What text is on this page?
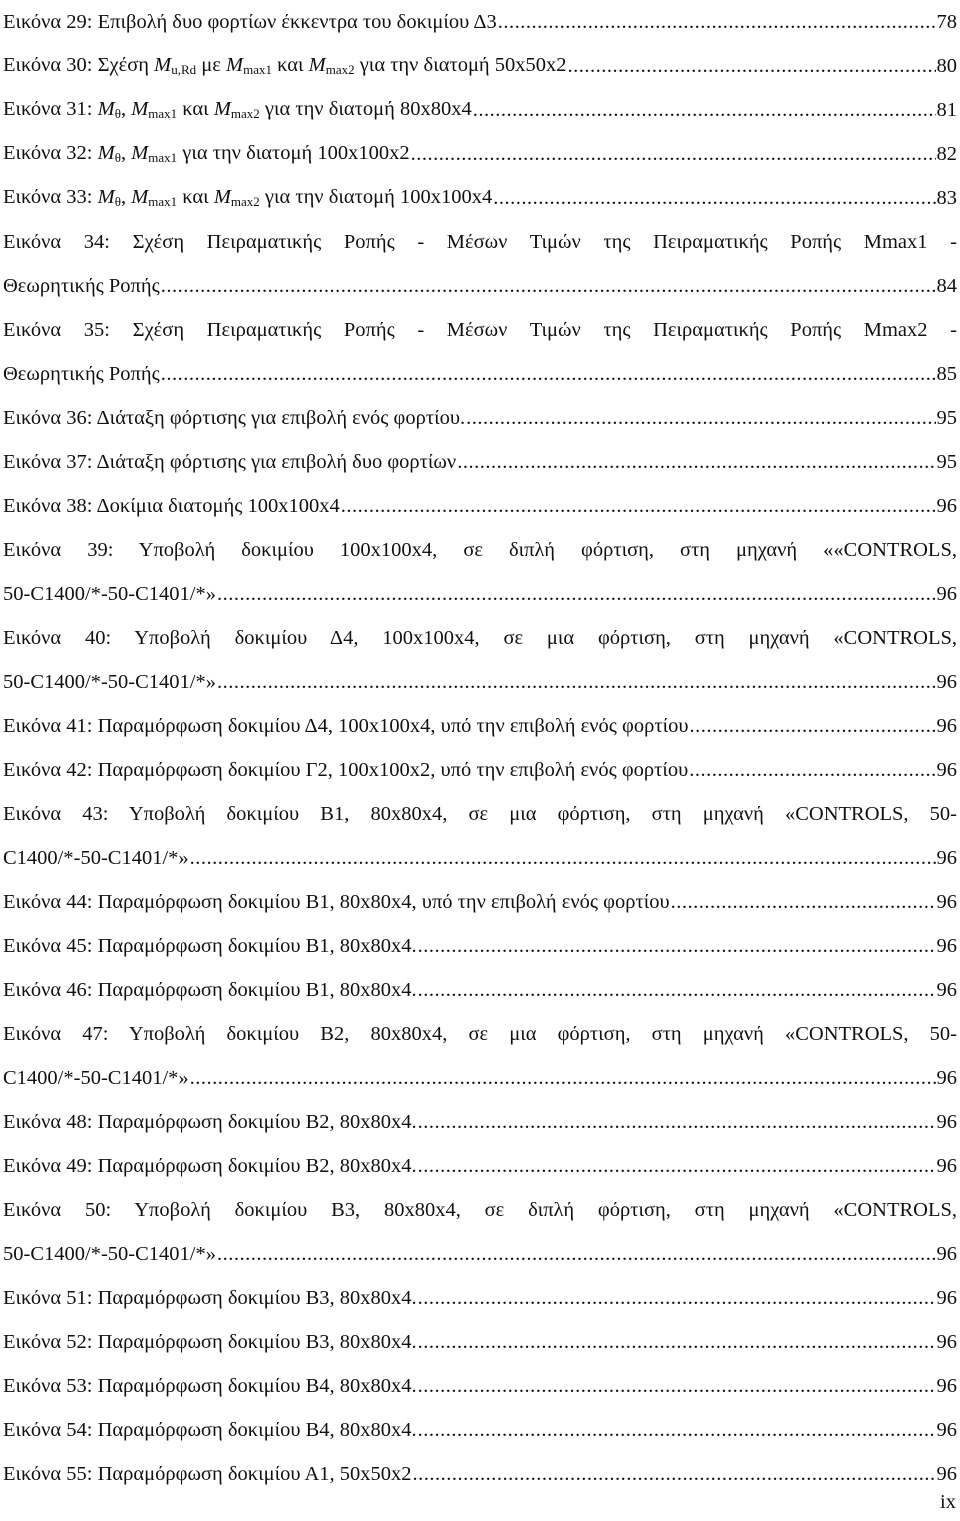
Εικόνα 29: Επιβολή δυο φορτίων έκκεντρα του δοκιμίου Δ3 .....	78
Εικόνα 30: Σχέση $M_{u,Rd}$ με $M_{max1}$ και $M_{max2}$ για την διατομή 50x50x2 .....	80
Εικόνα 31: $M_\theta$, $M_{max1}$ και $M_{max2}$ για την διατομή 80x80x4 .....	81
Εικόνα 32: $M_\theta$, $M_{max1}$ για την διατομή 100x100x2 .....	82
Εικόνα 33: $M_\theta$, $M_{max1}$ και $M_{max2}$ για την διατομή 100x100x4 .....	83
Εικόνα 34: Σχέση Πειραματικής Ροπής - Μέσων Τιμών της Πειραματικής Ροπής Mmax1 -
Θεωρητικής Ροπής .....	84
Εικόνα 35: Σχέση Πειραματικής Ροπής - Μέσων Τιμών της Πειραματικής Ροπής Mmax2 -
Θεωρητικής Ροπής .....	85
Εικόνα 36: Διάταξη φόρτισης για επιβολή ενός φορτίου. .....	95
Εικόνα 37: Διάταξη φόρτισης για επιβολή δυο φορτίων .....	95
Εικόνα 38: Δοκίμια διατομής 100x100x4 .....	96
Εικόνα 39: Υποβολή δοκιμίου 100x100x4, σε διπλή φόρτιση, στη μηχανή ««CONTROLS,
50-C1400/*-50-C1401/*» .....	96
Εικόνα 40: Υποβολή δοκιμίου Δ4, 100x100x4, σε μια φόρτιση, στη μηχανή «CONTROLS,
50-C1400/*-50-C1401/*» .....	96
Εικόνα 41: Παραμόρφωση δοκιμίου Δ4, 100x100x4, υπό την επιβολή ενός φορτίου .....	96
Εικόνα 42: Παραμόρφωση δοκιμίου Γ2, 100x100x2, υπό την επιβολή ενός φορτίου .....	96
Εικόνα 43: Υποβολή δοκιμίου Β1, 80x80x4, σε μια φόρτιση, στη μηχανή «CONTROLS, 50-
C1400/*-50-C1401/*» .....	96
Εικόνα 44: Παραμόρφωση δοκιμίου Β1, 80x80x4, υπό την επιβολή ενός φορτίου .....	96
Εικόνα 45: Παραμόρφωση δοκιμίου Β1, 80x80x4. .....	96
Εικόνα 46: Παραμόρφωση δοκιμίου Β1, 80x80x4. .....	96
Εικόνα 47: Υποβολή δοκιμίου Β2, 80x80x4, σε μια φόρτιση, στη μηχανή «CONTROLS, 50-
C1400/*-50-C1401/*» .....	96
Εικόνα 48: Παραμόρφωση δοκιμίου Β2, 80x80x4. .....	96
Εικόνα 49: Παραμόρφωση δοκιμίου Β2, 80x80x4. .....	96
Εικόνα 50: Υποβολή δοκιμίου Β3, 80x80x4, σε διπλή φόρτιση, στη μηχανή «CONTROLS,
50-C1400/*-50-C1401/*» .....	96
Εικόνα 51: Παραμόρφωση δοκιμίου Β3, 80x80x4. .....	96
Εικόνα 52: Παραμόρφωση δοκιμίου Β3, 80x80x4. .....	96
Εικόνα 53: Παραμόρφωση δοκιμίου Β4, 80x80x4. .....	96
Εικόνα 54: Παραμόρφωση δοκιμίου Β4, 80x80x4. .....	96
Εικόνα 55: Παραμόρφωση δοκιμίου Α1, 50x50x2 .....	96
ix
